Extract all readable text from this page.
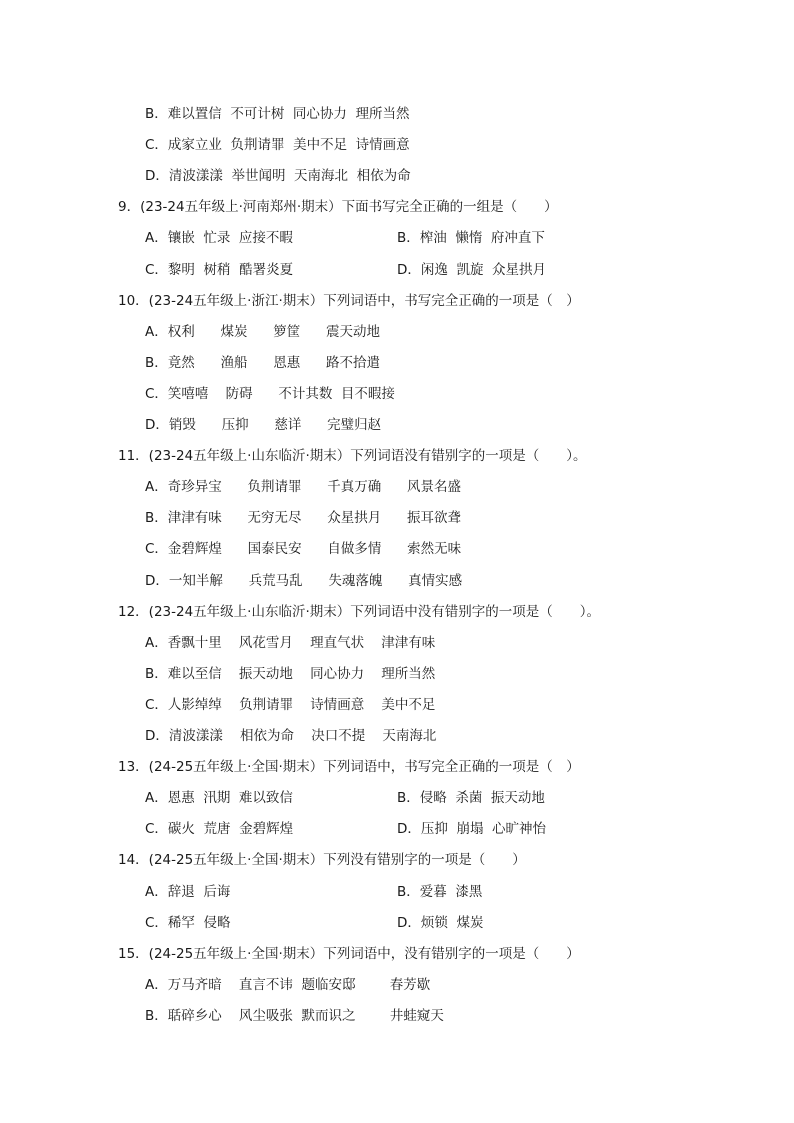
B．难以置信  不可计树  同心协力  理所当然
C．成家立业  负荆请罪  美中不足  诗情画意
D．清波漾漾  举世闻明  天南海北  相依为命
9．(23-24五年级上·河南郑州·期末）下面书写完全正确的一组是（　　）
A．镶嵌  忙录  应接不暇	B．榨油  懒惰  府冲直下
C．黎明  树稍  酷署炎夏	D．闲逸  凯旋  众星拱月
10．(23-24五年级上·浙江·期末）下列词语中，书写完全正确的一项是（　）
A．权利      煤炭      箩筐      震天动地
B．竟然      渔船      恩惠      路不拾遣
C．笑嘻嘻    防碍      不计其数  目不暇接
D．销毁      压抑      慈详      完璧归赵
11．(23-24五年级上·山东临沂·期末）下列词语没有错别字的一项是（　　）。
A．奇珍异宝      负荆请罪      千真万确      风景名盛
B．津津有味      无穷无尽      众星拱月      振耳欲聋
C．金碧辉煌      国泰民安      自做多情      索然无味
D．一知半解      兵荒马乱      失魂落魄      真情实感
12．(23-24五年级上·山东临沂·期末）下列词语中没有错别字的一项是（　　）。
A．香飘十里    风花雪月    理直气状    津津有味
B．难以至信    振天动地    同心协力    理所当然
C．人影绰绰    负荆请罪    诗情画意    美中不足
D．清波漾漾    相依为命    决口不提    天南海北
13．(24-25五年级上·全国·期末）下列词语中，书写完全正确的一项是（　）
A．恩惠  汛期  难以致信	B．侵略  杀菌  振天动地
C．碳火  荒唐  金碧辉煌	D．压抑  崩塌  心旷神怡
14．(24-25五年级上·全国·期末）下列没有错别字的一项是（　　）
A．辞退  后诲	B．爱暮  漆黑
C．稀罕  侵略	D．烦锁  煤炭
15．(24-25五年级上·全国·期末）下列词语中，没有错别字的一项是（　　）
A．万马齐暗    直言不讳  题临安邸        春芳歇
B．聒碎乡心    风尘吸张  默而识之        井蛙窥天
